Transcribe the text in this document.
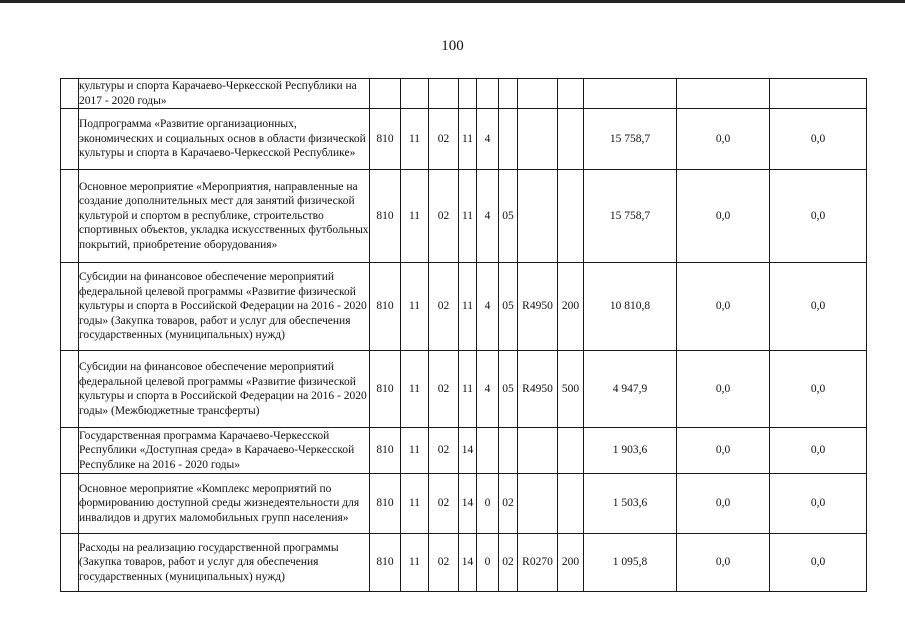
100
	культуры и спорта Карачаево-Черкесской Республики на 2017 - 2020 годы»											
	Подпрограмма «Развитие организационных, экономических и социальных основ в области физической культуры и спорта в Карачаево-Черкесской Республике»	810	11	02	11	4				15 758,7	0,0	0,0
	Основное мероприятие «Мероприятия, направленные на создание дополнительных мест для занятий физической культурой и спортом в республике, строительство спортивных объектов, укладка искусственных футбольных покрытий, приобретение оборудования»	810	11	02	11	4	05			15 758,7	0,0	0,0
	Субсидии на финансовое обеспечение мероприятий федеральной целевой программы «Развитие физической культуры и спорта в Российской Федерации на 2016 - 2020 годы» (Закупка товаров, работ и услуг для обеспечения государственных (муниципальных) нужд)	810	11	02	11	4	05	R4950	200	10 810,8	0,0	0,0
	Субсидии на финансовое обеспечение мероприятий федеральной целевой программы «Развитие физической культуры и спорта в Российской Федерации на 2016 - 2020 годы» (Межбюджетные трансферты)	810	11	02	11	4	05	R4950	500	4 947,9	0,0	0,0
	Государственная программа Карачаево-Черкесской Республики «Доступная среда» в Карачаево-Черкесской Республике на 2016 - 2020 годы»	810	11	02	14					1 903,6	0,0	0,0
	Основное мероприятие «Комплекс мероприятий по формированию доступной среды жизнедеятельности для инвалидов и других маломобильных групп населения»	810	11	02	14	0	02			1 503,6	0,0	0,0
	Расходы на реализацию государственной программы (Закупка товаров, работ и услуг для обеспечения государственных (муниципальных) нужд)	810	11	02	14	0	02	R0270	200	1 095,8	0,0	0,0
